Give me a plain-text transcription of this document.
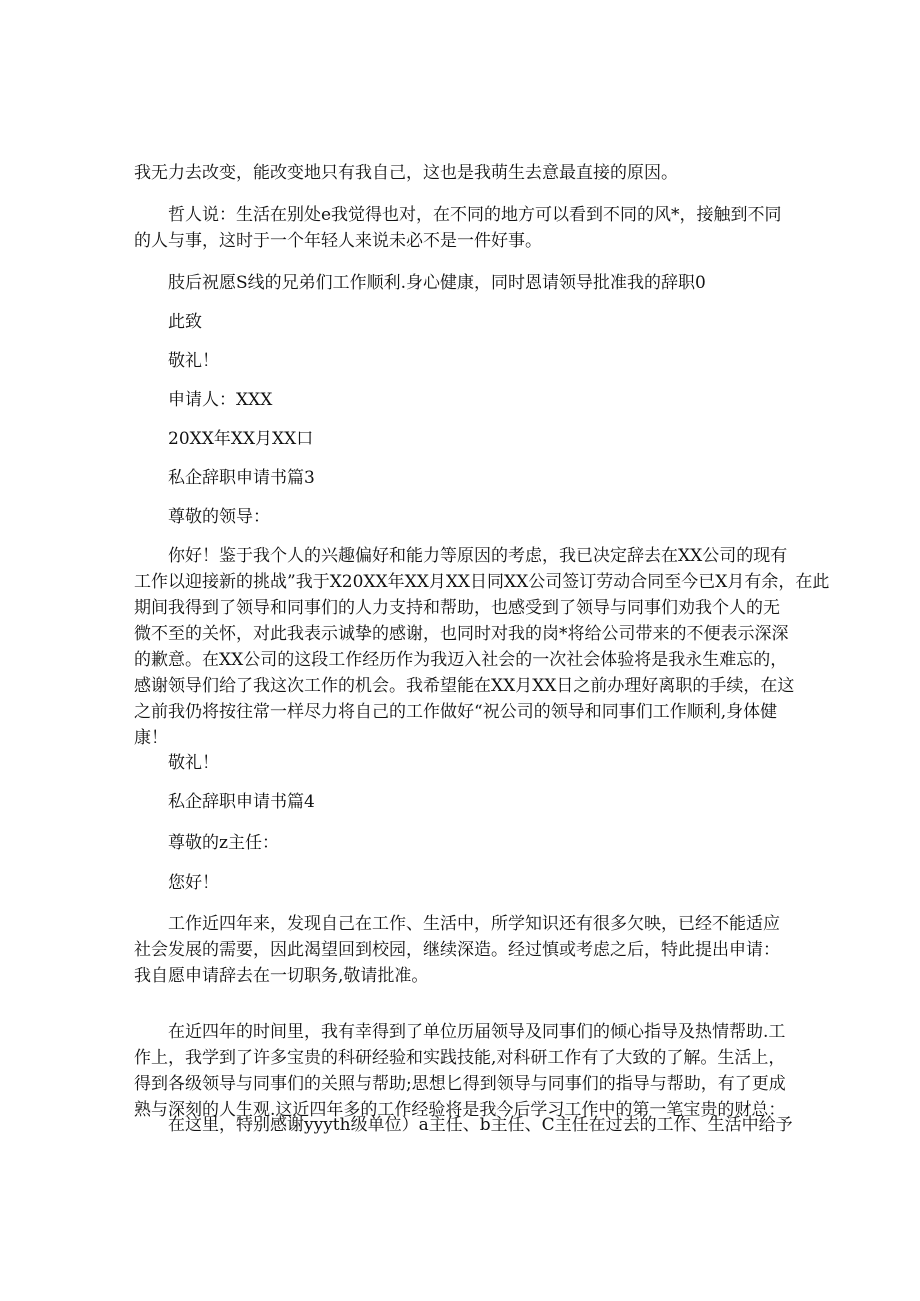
我无力去改变，能改变地只有我自己，这也是我萌生去意最直接的原因。
哲人说：生活在别处e我觉得也对，在不同的地方可以看到不同的风*，接触到不同
的人与事，这时于一个年轻人来说未必不是一件好事。
肢后祝愿S线的兄弟们工作顺利.身心健康，同时恩请领导批准我的辞职0
此致
敬礼！
申请人：XXX
20XX年XX月XX口
私企辞职申请书篇3
尊敬的领导：
你好！鉴于我个人的兴趣偏好和能力等原因的考虑，我已决定辞去在XX公司的现有
工作以迎接新的挑战”我于X20XX年XX月XX日同XX公司签订劳动合同至今已X月有余，在此
期间我得到了领导和同事们的人力支持和帮助，也感受到了领导与同事们劝我个人的无
微不至的关怀，对此我表示诚挚的感谢，也同时对我的岗*将给公司带来的不便表示深深
的歉意。在XX公司的这段工作经历作为我迈入社会的一次社会体验将是我永生难忘的，
感谢领导们给了我这次工作的机会。我希望能在XX月XX日之前办理好离职的手续，在这
之前我仍将按往常一样尽力将自己的工作做好“祝公司的领导和同事们工作顺利,身体健
康！
敬礼！
私企辞职申请书篇4
尊敬的z主任：
您好！
工作近四年来，发现自己在工作、生活中，所学知识还有很多欠映，已经不能适应
社会发展的需要，因此渴望回到校园，继续深造。经过慎或考虑之后，特此提出申请：
我自愿申请辞去在一切职务,敬请批准。
在近四年的时间里，我有幸得到了单位历届领导及同事们的倾心指导及热情帮助.工
作上，我学到了许多宝贵的科研经验和实践技能,对科研工作有了大致的了解。生活上，
得到各级领导与同事们的关照与帮助;思想匕得到领导与同事们的指导与帮助，有了更成
熟与深刻的人生观.这近四年多的工作经验将是我今后学习工作中的第一笔宝贵的财总：
在这里，特别感谢yyyth级单位）a主任、b主任、C主任在过去的工作、生活中给予
